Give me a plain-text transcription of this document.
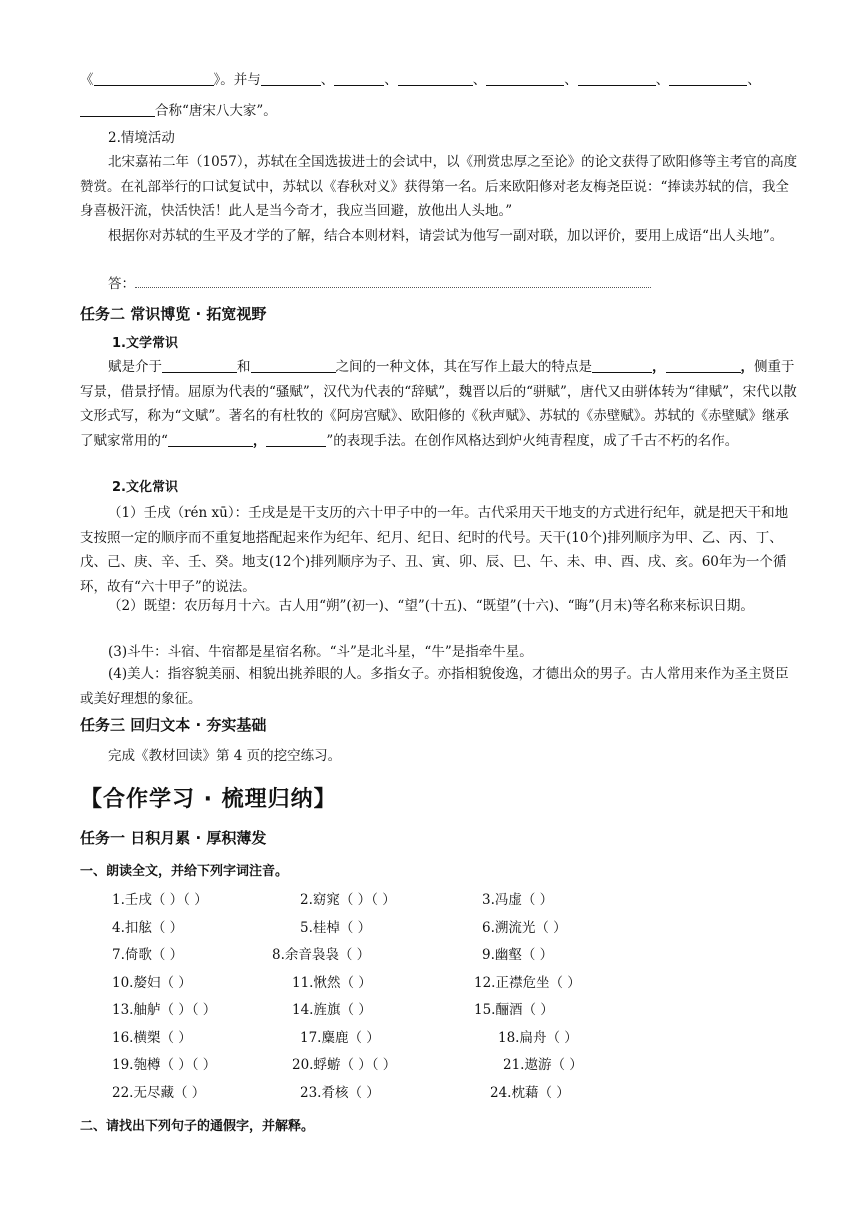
《	》。并与	、	、	、	、	、	、

合称“唐宋八大家”。

2.情境活动

北宋嘉祐二年（1057），苏轼在全国选拔进士的会试中，以《刑赏忠厚之至论》的论文获得了欧阳修等主考官的高度赞赏。在礼部举行的口试复试中，苏轼以《春秋对义》获得第一名。后来欧阳修对老友梅尧臣说：“捧读苏轼的信，我全身喜极汗流，快活快活！此人是当今奇才，我应当回避，放他出人头地。”

根据你对苏轼的生平及才学的了解，结合本则材料，请尝试为他写一副对联，加以评价，要用上成语“出人头地”。

答：

任务二 常识博览 · 拓宽视野
1.文学常识

赋是介于	和	之间的一种文体，其在写作上最大的特点是	，	，侧重于写景，借景抒情。屈原为代表的“骚赋”，汉代为代表的“辞赋”，魏晋以后的“骈赋”，唐代又由骈体转为“律赋”，宋代以散文形式写，称为“文赋”。著名的有杜牧的《阿房宫赋》、欧阳修的《秋声赋》、苏轼的《赤壁赋》。苏轼的《赤壁赋》继承了赋家常用的“	，	”的表现手法。在创作风格达到炉火纯青程度，成了千古不朽的名作。

2.文化常识

（1）壬戌（rén xū）：壬戌是是干支历的六十甲子中的一年。古代采用天干地支的方式进行纪年，就是把天干和地支按照一定的顺序而不重复地搭配起来作为纪年、纪月、纪日、纪时的代号。天干(10个)排列顺序为甲、乙、丙、丁、戊、己、庚、辛、壬、癸。地支(12个)排列顺序为子、丑、寅、卯、辰、巳、午、未、申、酉、戌、亥。60年为一个循环，故有“六十甲子”的说法。

（2）既望：农历每月十六。古人用“朔”(初一)、“望”(十五)、“既望”(十六)、“晦”(月末)等名称来标识日期。

(3)斗牛：斗宿、牛宿都是星宿名称。“斗”是北斗星，“牛”是指牵牛星。

(4)美人：指容貌美丽、相貌出挑养眼的人。多指女子。亦指相貌俊逸，才德出众的男子。古人常用来作为圣主贤臣或美好理想的象征。

任务三 回归文本 · 夯实基础

完成《教材回读》第 4 页的挖空练习。

【合作学习 · 梳理归纳】
任务一 日积月累 · 厚积薄发
一、朗读全文，并给下列字词注音。
1.壬戌（ ）（ ）	2.窈窕（ ）（ ）	3.冯虚（ ）
4.扣舷（ ）	5.桂棹（ ）	6.溯流光（ ）
7.倚歌（ ）	8.余音袅袅（ ）	9.幽壑（ ）
10.嫠妇（ ）	11.愀然（ ）	12.正襟危坐（ ）
13.舳舻（ ）（ ）	14.旌旗（ ）	15.酾酒（ ）
16.横槊（ ）	17.麋鹿（ ）	18.扁舟（ ）
19.匏樽（ ）（ ）	20.蜉蝣（ ）（ ）	21.遨游（ ）
22.无尽藏（ ）	23.肴核（ ）	24.枕藉（ ）
二、请找出下列句子的通假字，并解释。
